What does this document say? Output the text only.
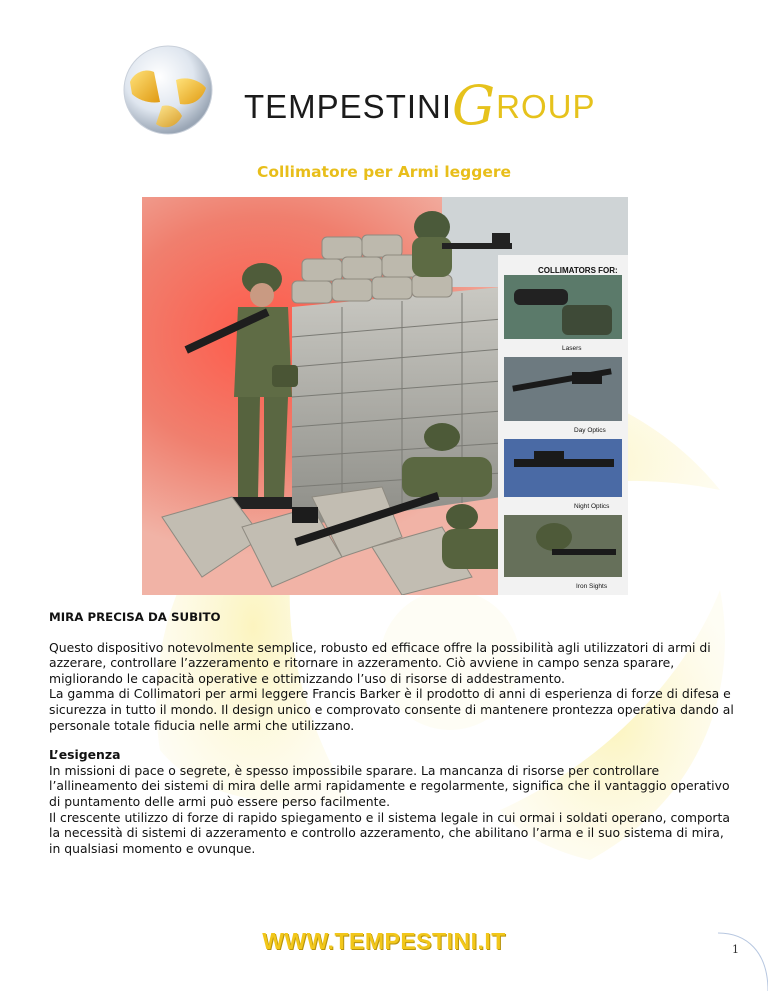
TEMPESTINIGROUP
Collimatore per Armi leggere
COLLIMATORS FOR:
Lasers
Day Optics
Night Optics
Iron Sights

MIRA PRECISA DA SUBITO

Questo dispositivo notevolmente semplice, robusto ed efficace offre la possibilità agli utilizzatori di armi di azzerare, controllare l’azzeramento e ritornare in azzeramento. Ciò avviene in campo senza sparare, migliorando le capacità operative e ottimizzando l’uso di risorse di addestramento.

La gamma di Collimatori per armi leggere Francis Barker è il prodotto di anni di esperienza di forze di difesa e sicurezza in tutto il mondo. Il design unico e comprovato consente di mantenere prontezza operativa dando al personale totale fiducia nelle armi che utilizzano.

L’esigenza

In missioni di pace o segrete, è spesso impossibile sparare. La mancanza di risorse per controllare l’allineamento dei sistemi di mira delle armi rapidamente e regolarmente, significa che il vantaggio operativo di puntamento delle armi può essere perso facilmente.

Il crescente utilizzo di forze di rapido spiegamento e il sistema legale in cui ormai i soldati operano, comporta la necessità di sistemi di azzeramento e controllo azzeramento, che abilitano l’arma e il suo sistema di mira, in qualsiasi momento e ovunque.

WWW.TEMPESTINI.IT	1
